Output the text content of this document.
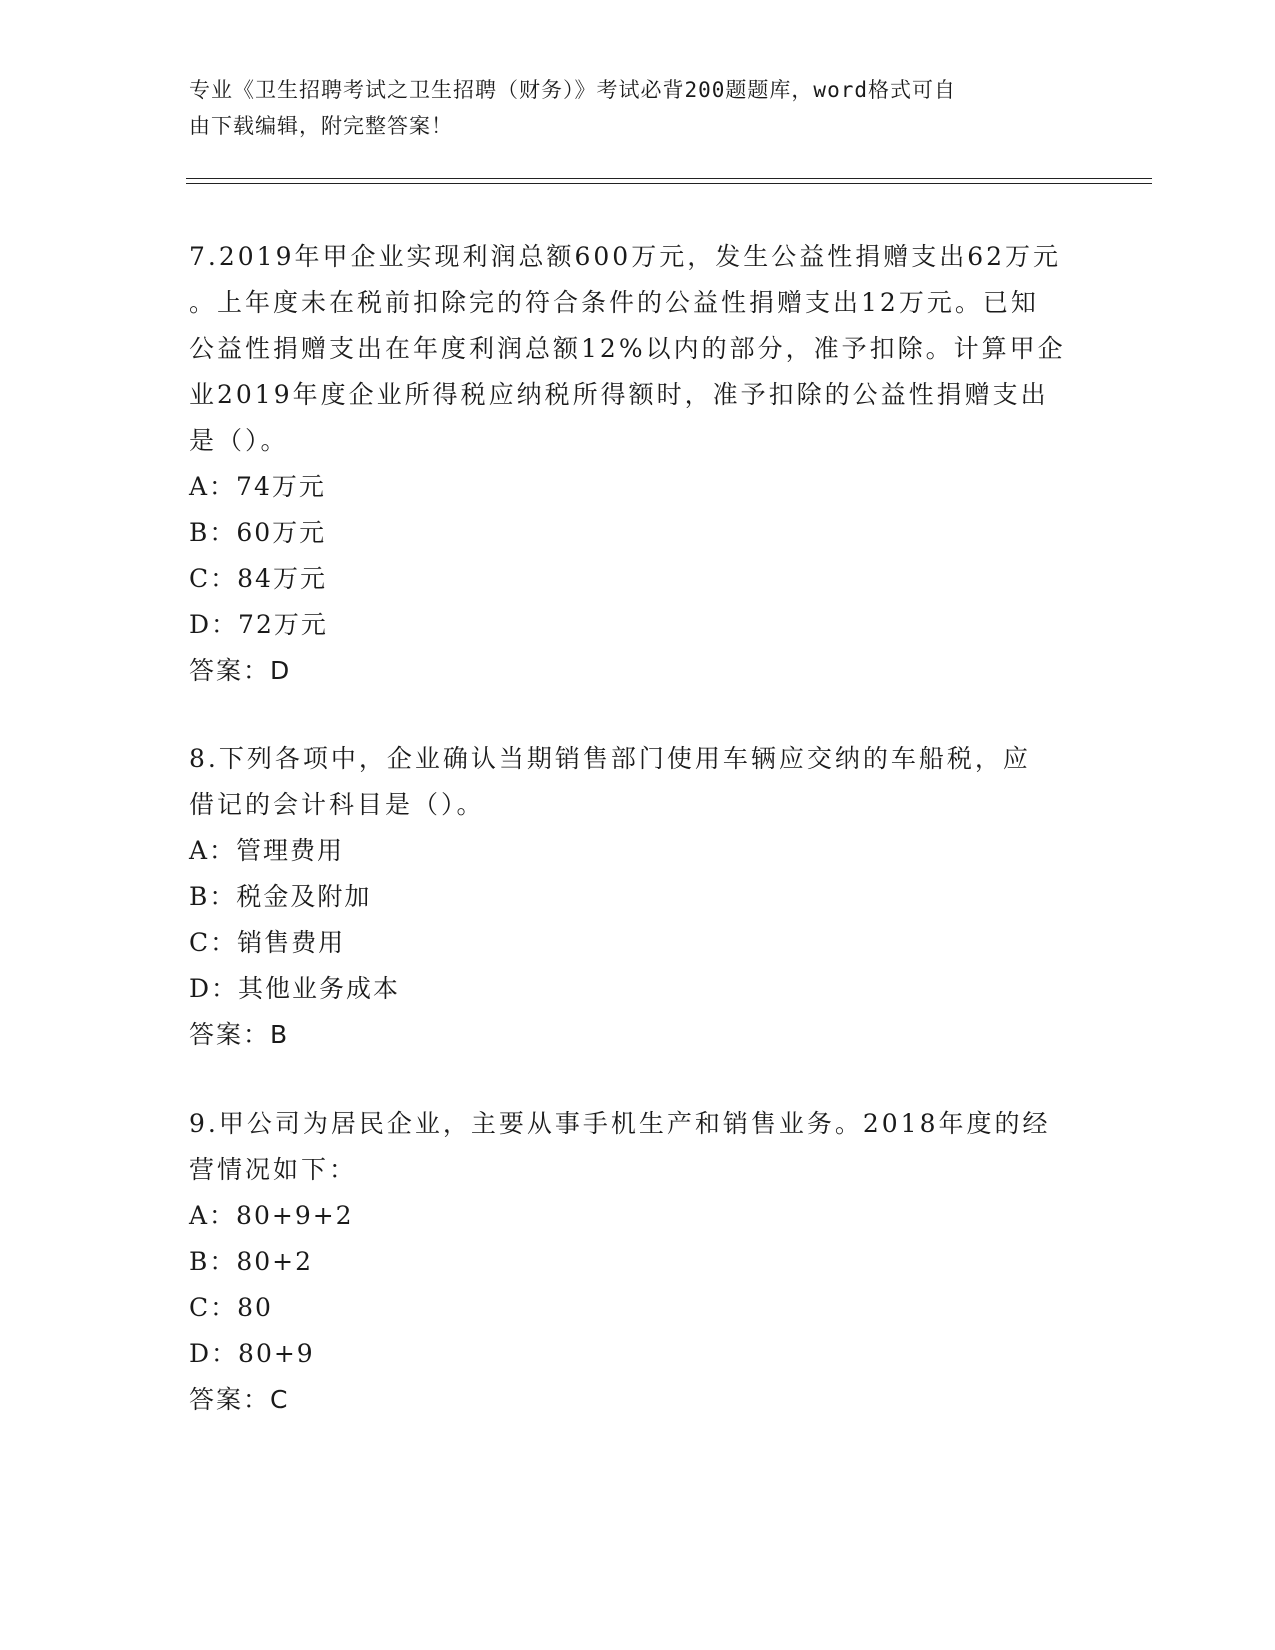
专业《卫生招聘考试之卫生招聘（财务）》考试必背200题题库，word格式可自
由下载编辑，附完整答案！
7.2019年甲企业实现利润总额600万元，发生公益性捐赠支出62万元
。上年度未在税前扣除完的符合条件的公益性捐赠支出12万元。已知
公益性捐赠支出在年度利润总额12%以内的部分，准予扣除。计算甲企
业2019年度企业所得税应纳税所得额时，准予扣除的公益性捐赠支出
是（）。
A：74万元
B：60万元
C：84万元
D：72万元
答案：D
8.下列各项中，企业确认当期销售部门使用车辆应交纳的车船税，应
借记的会计科目是（）。
A：管理费用
B：税金及附加
C：销售费用
D：其他业务成本
答案：B
9.甲公司为居民企业，主要从事手机生产和销售业务。2018年度的经
营情况如下：
A：80+9+2
B：80+2
C：80
D：80+9
答案：C
